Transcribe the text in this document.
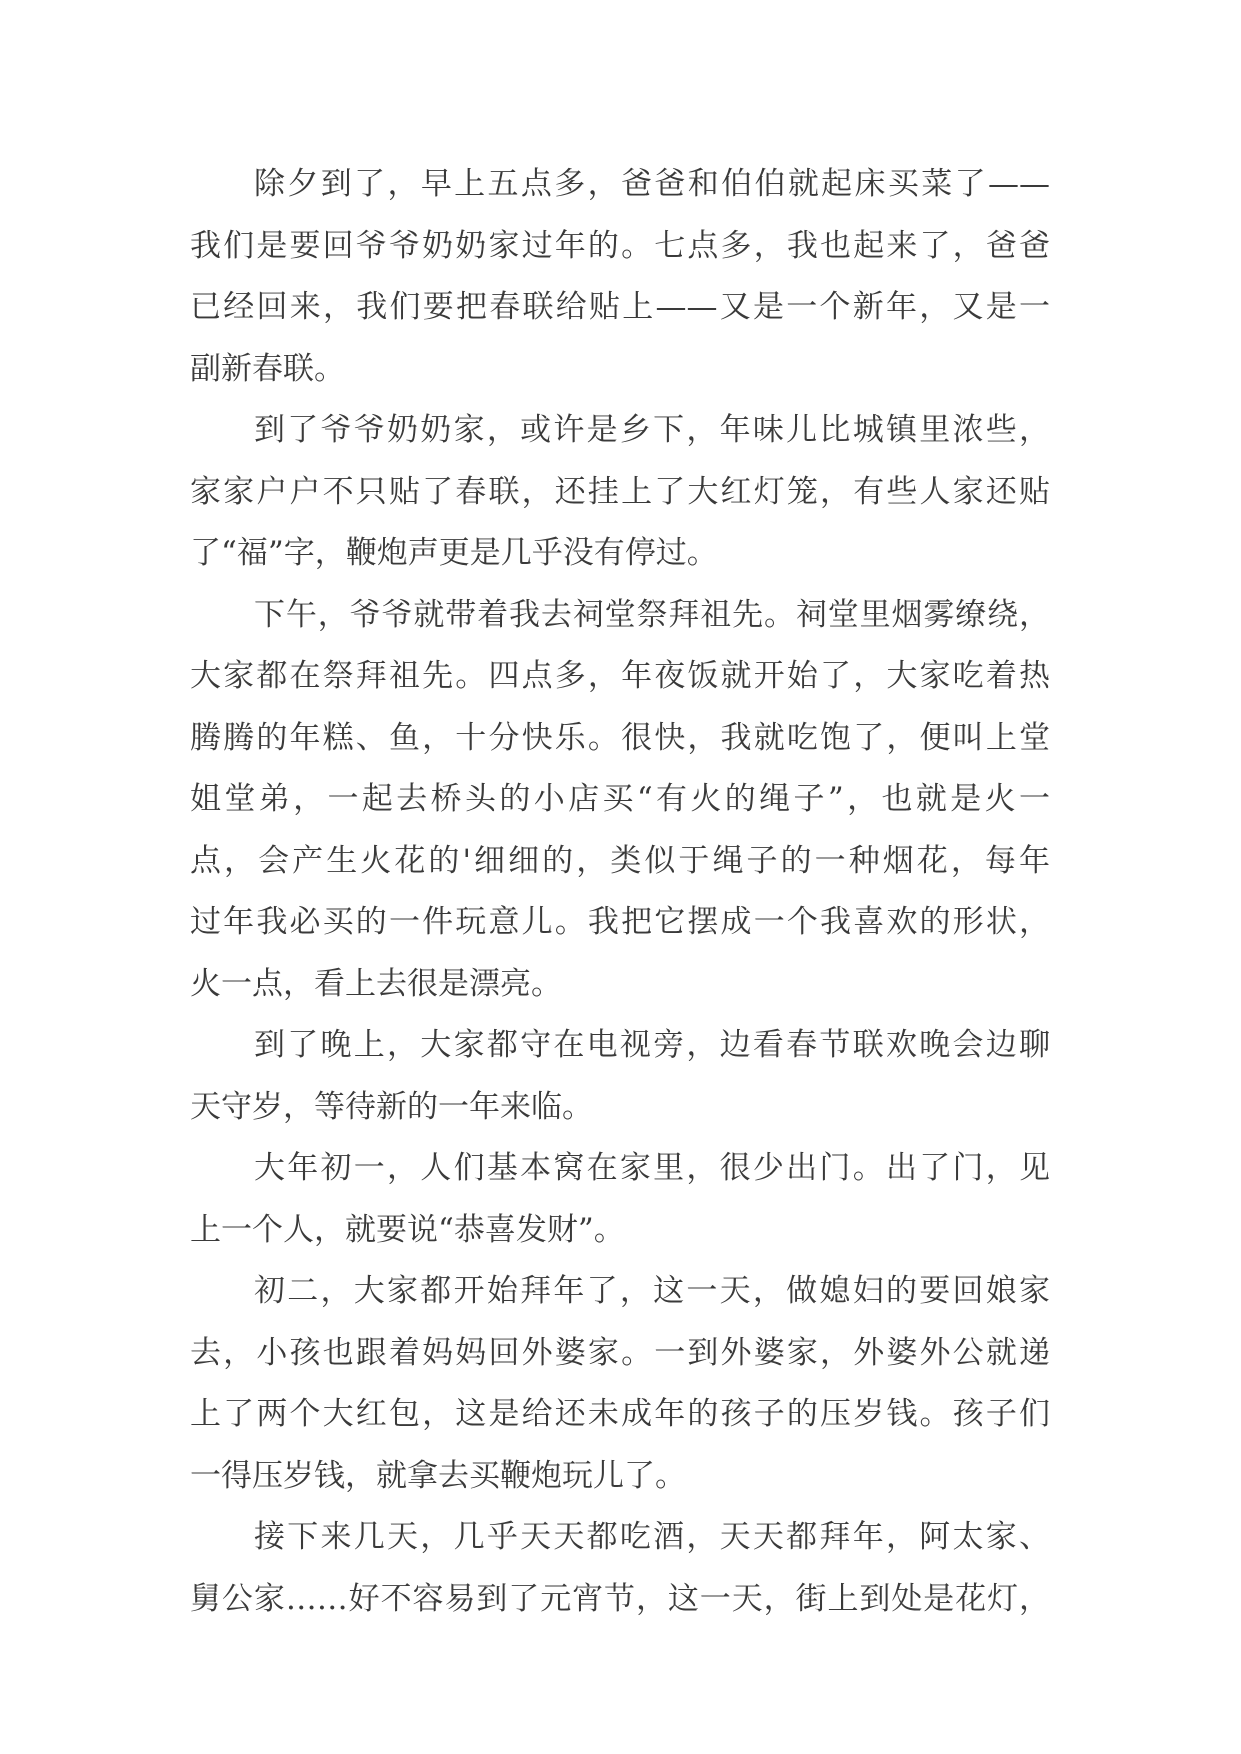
除夕到了，早上五点多，爸爸和伯伯就起床买菜了——
我们是要回爷爷奶奶家过年的。七点多，我也起来了，爸爸
已经回来，我们要把春联给贴上——又是一个新年，又是一
副新春联。
到了爷爷奶奶家，或许是乡下，年味儿比城镇里浓些，
家家户户不只贴了春联，还挂上了大红灯笼，有些人家还贴
了“福”字，鞭炮声更是几乎没有停过。
下午，爷爷就带着我去祠堂祭拜祖先。祠堂里烟雾缭绕，
大家都在祭拜祖先。四点多，年夜饭就开始了，大家吃着热
腾腾的年糕、鱼，十分快乐。很快，我就吃饱了，便叫上堂
姐堂弟，一起去桥头的小店买“有火的绳子”，也就是火一
点，会产生火花的'细细的，类似于绳子的一种烟花，每年
过年我必买的一件玩意儿。我把它摆成一个我喜欢的形状，
火一点，看上去很是漂亮。
到了晚上，大家都守在电视旁，边看春节联欢晚会边聊
天守岁，等待新的一年来临。
大年初一，人们基本窝在家里，很少出门。出了门，见
上一个人，就要说“恭喜发财”。
初二，大家都开始拜年了，这一天，做媳妇的要回娘家
去，小孩也跟着妈妈回外婆家。一到外婆家，外婆外公就递
上了两个大红包，这是给还未成年的孩子的压岁钱。孩子们
一得压岁钱，就拿去买鞭炮玩儿了。
接下来几天，几乎天天都吃酒，天天都拜年，阿太家、
舅公家……好不容易到了元宵节，这一天，街上到处是花灯，
